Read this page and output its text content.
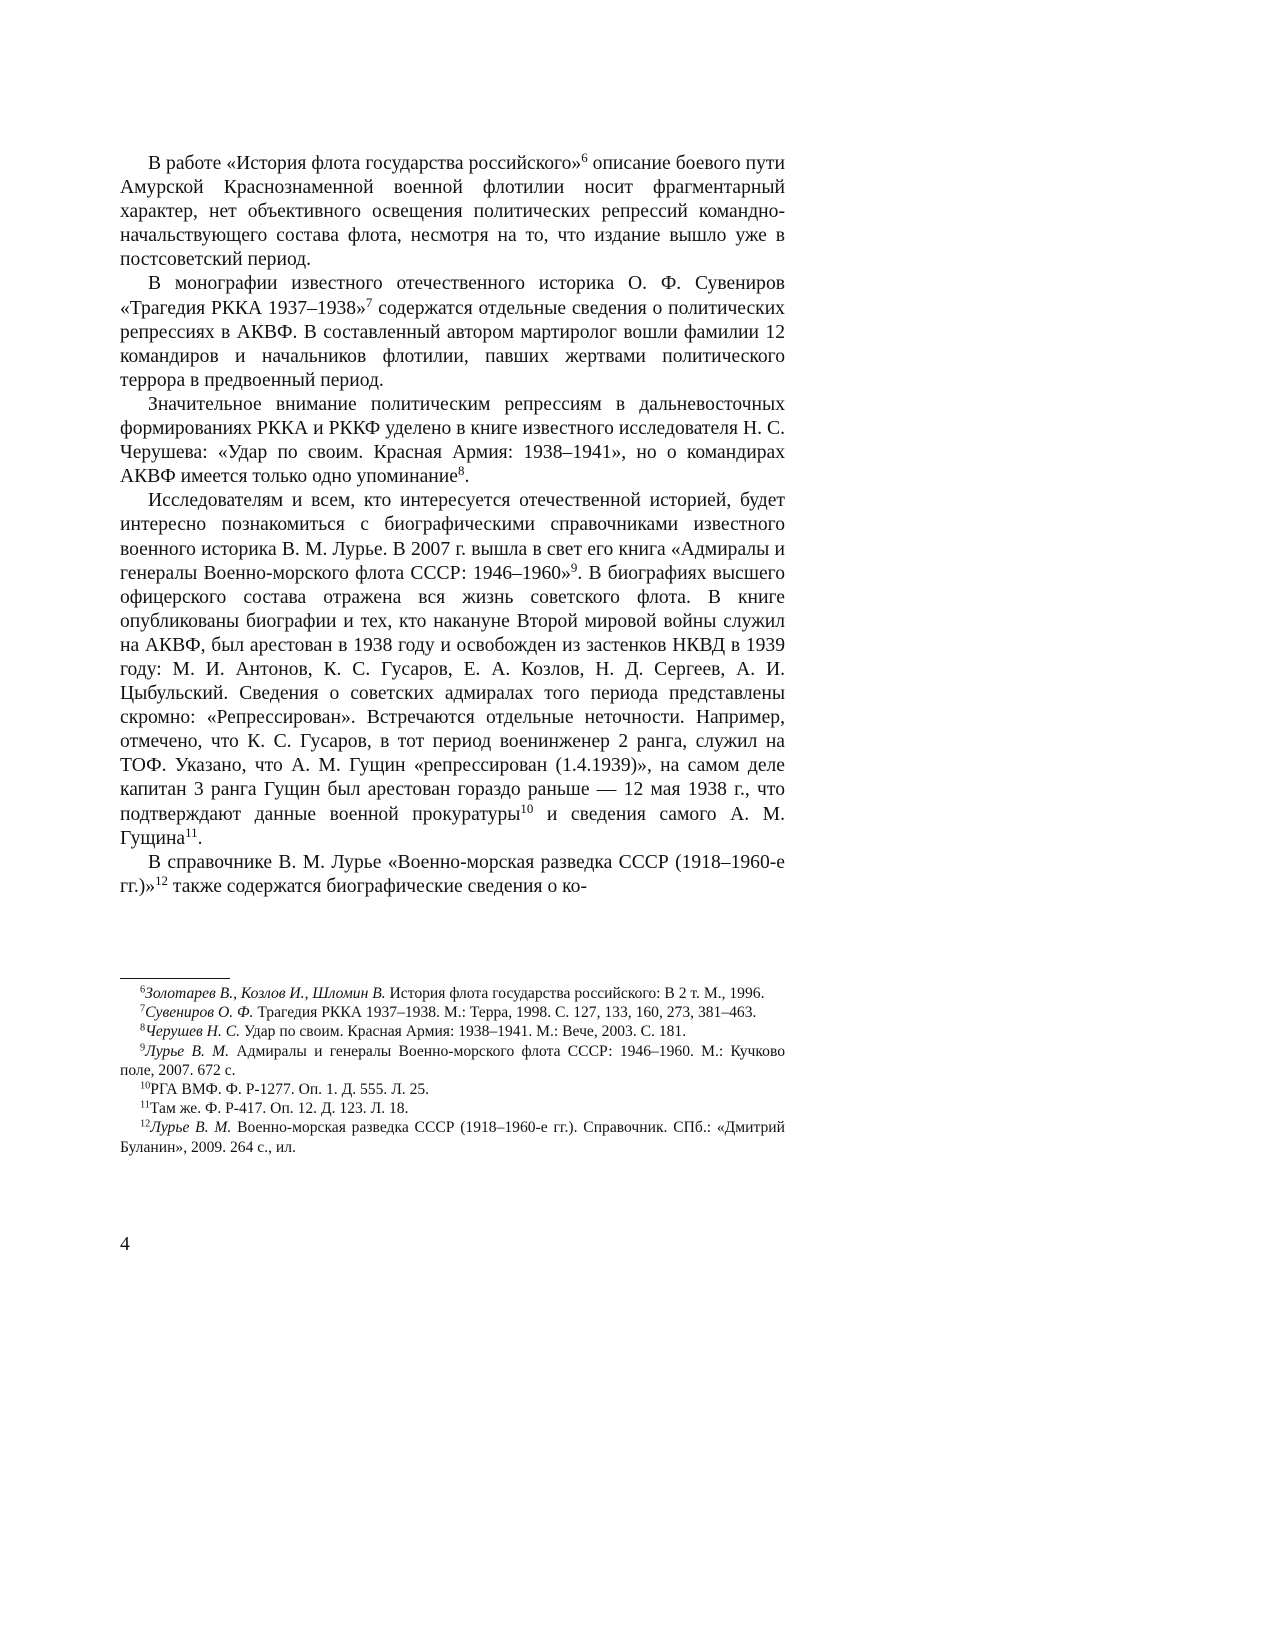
В работе «История флота государства российского»$^6$ описание боевого пути Амурской Краснознаменной военной флотилии носит фрагментарный характер, нет объективного освещения политических репрессий командно-начальствующего состава флота, несмотря на то, что издание вышло уже в постсоветский период.

В монографии известного отечественного историка О. Ф. Сувениров «Трагедия РККА 1937–1938»$^7$ содержатся отдельные сведения о политических репрессиях в АКВФ. В составленный автором мартиролог вошли фамилии 12 командиров и начальников флотилии, павших жертвами политического террора в предвоенный период.

Значительное внимание политическим репрессиям в дальневосточных формированиях РККА и РККФ уделено в книге известного исследователя Н. С. Черушева: «Удар по своим. Красная Армия: 1938–1941», но о командирах АКВФ имеется только одно упоминание$^8$.

Исследователям и всем, кто интересуется отечественной историей, будет интересно познакомиться с биографическими справочниками известного военного историка В. М. Лурье. В 2007 г. вышла в свет его книга «Адмиралы и генералы Военно-морского флота СССР: 1946–1960»$^9$. В биографиях высшего офицерского состава отражена вся жизнь советского флота. В книге опубликованы биографии и тех, кто накануне Второй мировой войны служил на АКВФ, был арестован в 1938 году и освобожден из застенков НКВД в 1939 году: М. И. Антонов, К. С. Гусаров, Е. А. Козлов, Н. Д. Сергеев, А. И. Цыбульский. Сведения о советских адмиралах того периода представлены скромно: «Репрессирован». Встречаются отдельные неточности. Например, отмечено, что К. С. Гусаров, в тот период военинженер 2 ранга, служил на ТОФ. Указано, что А. М. Гущин «репрессирован (1.4.1939)», на самом деле капитан 3 ранга Гущин был арестован гораздо раньше — 12 мая 1938 г., что подтверждают данные военной прокуратуры$^{10}$ и сведения самого А. М. Гущина$^{11}$.

В справочнике В. М. Лурье «Военно-морская разведка СССР (1918–1960-е гг.)»$^{12}$ также содержатся биографические сведения о ко-

$^6$Золотарев В., Козлов И., Шломин В. История флота государства российского: В 2 т. М., 1996.

$^7$Сувениров О. Ф. Трагедия РККА 1937–1938. М.: Терра, 1998. С. 127, 133, 160, 273, 381–463.

$^8$Черушев Н. С. Удар по своим. Красная Армия: 1938–1941. М.: Вече, 2003. С. 181.

$^9$Лурье В. М. Адмиралы и генералы Военно-морского флота СССР: 1946–1960. М.: Кучково поле, 2007. 672 с.

$^{10}$РГА ВМФ. Ф. Р-1277. Оп. 1. Д. 555. Л. 25.

$^{11}$Там же. Ф. Р-417. Оп. 12. Д. 123. Л. 18.

$^{12}$Лурье В. М. Военно-морская разведка СССР (1918–1960-е гг.). Справочник. СПб.: «Дмитрий Буланин», 2009. 264 с., ил.

4
